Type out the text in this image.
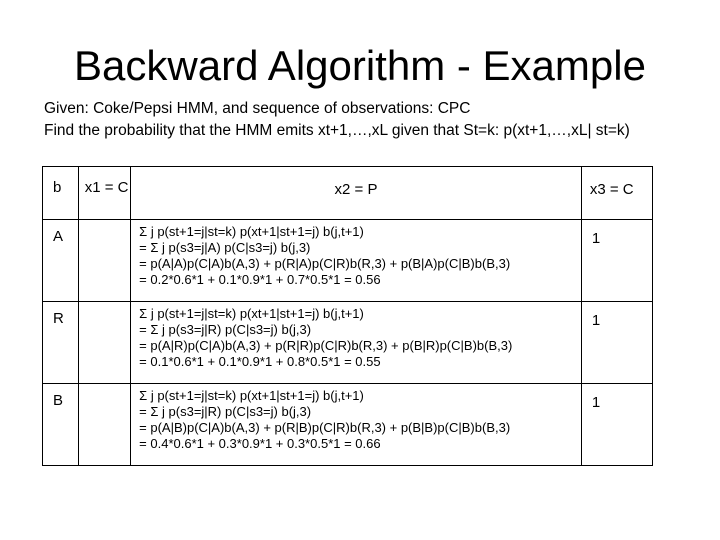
Backward Algorithm - Example
Given: Coke/Pepsi HMM, and sequence of observations: CPC
Find the probability that the HMM emits xt+1,…,xL given that St=k: p(xt+1,…,xL| st=k)
b	x1 = C	x2 = P	x3 = C

A		Σ j p(st+1=j|st=k) p(xt+1|st+1=j) b(j,t+1)
= Σ j p(s3=j|A) p(C|s3=j) b(j,3)
= p(A|A)p(C|A)b(A,3) + p(R|A)p(C|R)b(R,3) + p(B|A)p(C|B)b(B,3)
= 0.2*0.6*1 + 0.1*0.9*1 + 0.7*0.5*1 = 0.56	1

R		Σ j p(st+1=j|st=k) p(xt+1|st+1=j) b(j,t+1)
= Σ j p(s3=j|R) p(C|s3=j) b(j,3)
= p(A|R)p(C|A)b(A,3) + p(R|R)p(C|R)b(R,3) + p(B|R)p(C|B)b(B,3)
= 0.1*0.6*1 + 0.1*0.9*1 + 0.8*0.5*1 = 0.55	1

B		Σ j p(st+1=j|st=k) p(xt+1|st+1=j) b(j,t+1)
= Σ j p(s3=j|R) p(C|s3=j) b(j,3)
= p(A|B)p(C|A)b(A,3) + p(R|B)p(C|R)b(R,3) + p(B|B)p(C|B)b(B,3)
= 0.4*0.6*1 + 0.3*0.9*1 + 0.3*0.5*1 = 0.66	1
